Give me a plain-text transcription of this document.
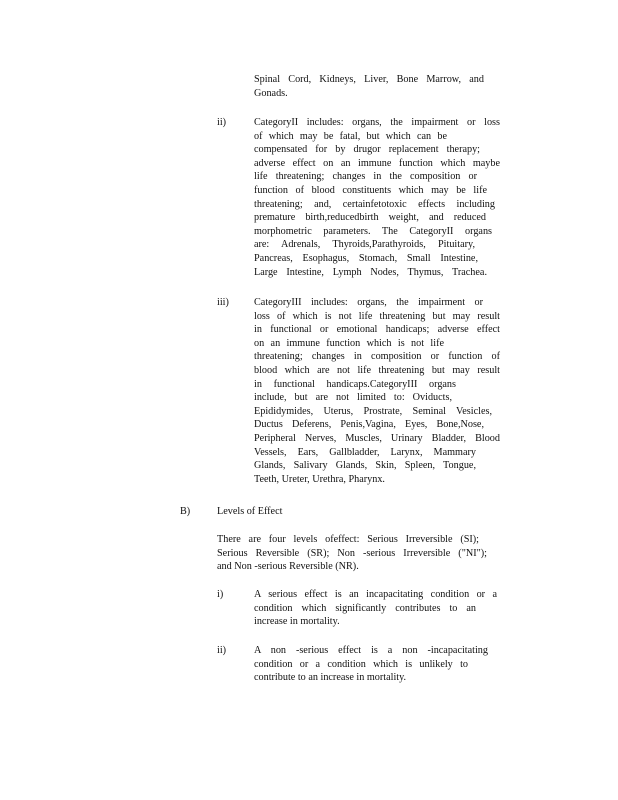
Spinal Cord, Kidneys, Liver, Bone Marrow, and
Gonads.
ii)	CategoryII includes: organs, the impairment or loss
of which may be fatal, but which can be
compensated for by drugor replacement therapy;
adverse effect on an immune function which maybe
life threatening; changes in the composition or
function of blood constituents which may be life
threatening; and, certainfetotoxic effects including
premature birth,reducedbirth weight, and reduced
morphometric parameters. The CategoryII organs
are: Adrenals, Thyroids,Parathyroids, Pituitary,
Pancreas, Esophagus, Stomach, Small Intestine,
Large Intestine, Lymph Nodes, Thymus, Trachea.
iii) CategoryIII includes: organs, the impairment or
loss of which is not life threatening but may result
in functional or emotional handicaps; adverse effect
on an immune function which is not life
threatening; changes in composition or function of
blood which are not life threatening but may result
in functional handicaps.CategoryIII organs
include, but are not limited to: Oviducts,
Epididymides, Uterus, Prostrate, Seminal Vesicles,
Ductus Deferens, Penis,Vagina, Eyes, Bone,Nose,
Peripheral Nerves, Muscles, Urinary Bladder, Blood
Vessels, Ears, Gallbladder, Larynx, Mammary
Glands, Salivary Glands, Skin, Spleen, Tongue,
Teeth, Ureter, Urethra, Pharynx.
B)	Levels of Effect
There are four levels ofeffect: Serious Irreversible (SI);
Serious Reversible (SR); Non -serious Irreversible ("NI");
and Non -serious Reversible (NR).
i)	A serious effect is an incapacitating condition or a
condition which significantly contributes to an
increase in mortality.
ii)	A non -serious effect is a non -incapacitating
condition or a condition which is unlikely to
contribute to an increase in mortality.
